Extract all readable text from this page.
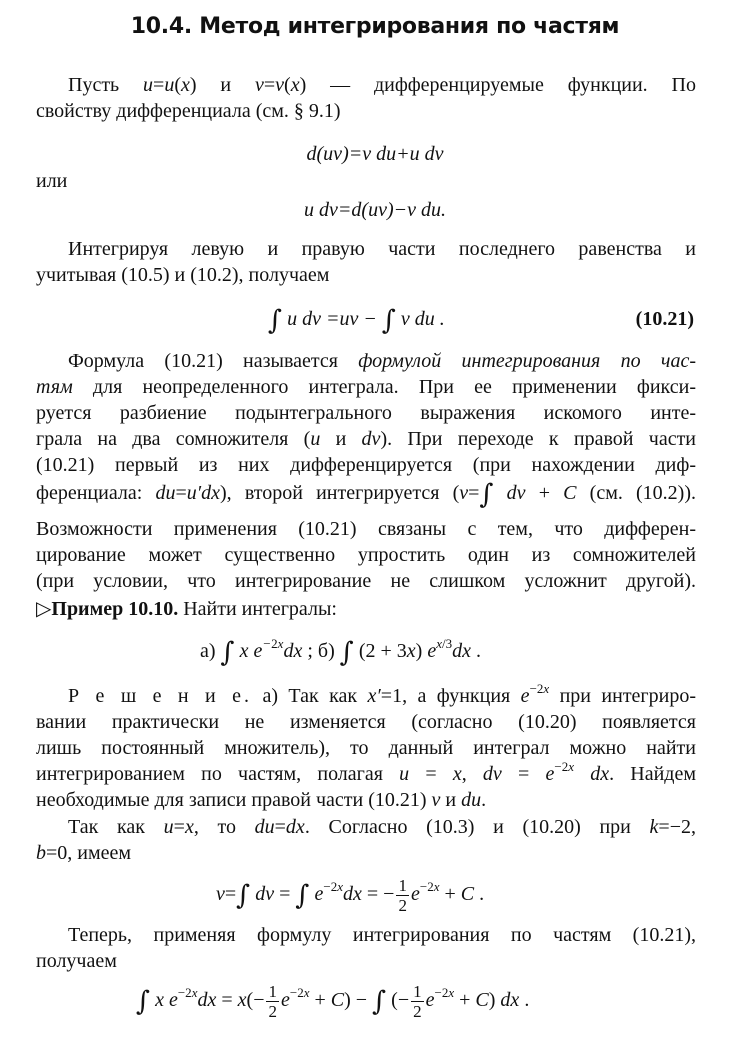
10.4. Метод интегрирования по частям

Пусть u=u(x) и v=v(x) — дифференцируемые функции. По
свойству дифференциала (см. § 9.1)

d(uv)=v du+u dv

или

u dv=d(uv)−v du.

Интегрируя левую и правую части последнего равенства и
учитывая (10.5) и (10.2), получаем

∫ u dv =uv − ∫ v du .	(10.21)

Формула (10.21) называется формулой интегрирования по час-
тям для неопределенного интеграла. При ее применении фикси-
руется разбиение подынтегрального выражения искомого инте-
грала на два сомножителя (u и dv). При переходе к правой части
(10.21) первый из них дифференцируется (при нахождении диф-
ференциала: du=u′dx), второй интегрируется (v=∫ dv + C (см. (10.2)).

Возможности применения (10.21) связаны с тем, что дифферен-
цирование может существенно упростить один из сомножителей
(при условии, что интегрирование не слишком усложнит другой).

▷Пример 10.10. Найти интегралы:

а) ∫ x $e^{-2x}dx$ ; б) ∫ (2 + 3x) $e^{x/3}dx$ .

Р е ш е н и е. а) Так как x′=1, а функция $e^{-2x}$ при интегриро-
вании практически не изменяется (согласно (10.20) появляется
лишь постоянный множитель), то данный интеграл можно найти
интегрированием по частям, полагая u = x, dv = $e^{-2x}$ dx. Найдем
необходимые для записи правой части (10.21) v и du.

Так как u=x, то du=dx. Согласно (10.3) и (10.20) при k=−2,
b=0, имеем

v=∫ dv = ∫ $e^{-2x}dx$ = − $\frac{1}{2} e^{-2x} + C$ .

Теперь, применяя формулу интегрирования по частям (10.21),
получаем

∫ x $e^{-2x}dx = x(- \frac{1}{2} e^{-2x} + C)$ − ∫ (− $\frac{1}{2} e^{-2x} + C$) dx .
